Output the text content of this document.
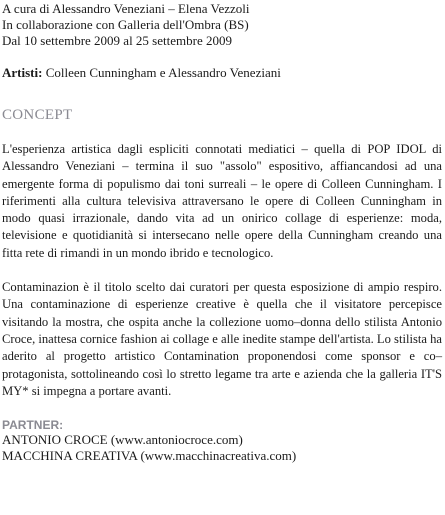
A cura di Alessandro Veneziani – Elena Vezzoli
In collaborazione con Galleria dell'Ombra (BS)
Dal 10 settembre 2009 al 25 settembre 2009
Artisti: Colleen Cunningham e Alessandro Veneziani
CONCEPT
L'esperienza artistica dagli espliciti connotati mediatici – quella di POP IDOL di Alessandro Veneziani – termina il suo "assolo" espositivo, affiancandosi ad una emergente forma di populismo dai toni surreali – le opere di Colleen Cunningham. I riferimenti alla cultura televisiva attraversano le opere di Colleen Cunningham in modo quasi irrazionale, dando vita ad un onirico collage di esperienze: moda, televisione e quotidianità si intersecano nelle opere della Cunningham creando una fitta rete di rimandi in un mondo ibrido e tecnologico.
Contaminazion è il titolo scelto dai curatori per questa esposizione di ampio respiro. Una contaminazione di esperienze creative è quella che il visitatore percepisce visitando la mostra, che ospita anche la collezione uomo–donna dello stilista Antonio Croce, inattesa cornice fashion ai collage e alle inedite stampe dell'artista. Lo stilista ha aderito al progetto artistico Contamination proponendosi come sponsor e co–protagonista, sottolineando così lo stretto legame tra arte e azienda che la galleria IT'S MY* si impegna a portare avanti.
PARTNER:
ANTONIO CROCE (www.antoniocroce.com)
MACCHINA CREATIVA (www.macchinacreativa.com)
